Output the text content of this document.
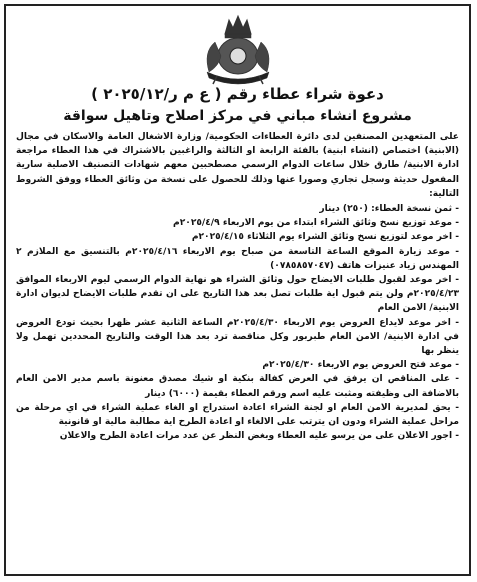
دعوة شراء عطاء رقم ( ع م ر/٢٠٢٥/١٢ )
مشروع انشاء مباني في مركز اصلاح وتاهيل سواقة

على المتعهدين المصنفين لدى دائرة العطاءات الحكومية/ وزارة الاشغال العامة والاسكان في مجال (الابنية) اختصاص (انشاء ابنية) بالفئة الرابعة او الثالثة والراغبين بالاشتراك في هذا العطاء مراجعة ادارة الابنية/ طارق خلال ساعات الدوام الرسمي مصطحبين معهم شهادات التصنيف الاصلية سارية المفعول حديثة وسجل تجاري وصورا عنها وذلك للحصول على نسخة من وثائق العطاء ووفق الشروط التالية:

- ثمن نسخة العطاء: (٢٥٠) دينار
- موعد توزيع نسخ وثائق الشراء ابتداء من يوم الاربعاء ٢٠٢٥/٤/٩م
- اخر موعد لتوزيع نسخ وثائق الشراء يوم الثلاثاء ٢٠٢٥/٤/١٥م
- موعد زيارة الموقع الساعة التاسعة من صباح يوم الاربعاء ٢٠٢٥/٤/١٦م بالتنسيق مع الملازم ٢ المهندس زياد عنيزات هاتف (٠٧٨٥٨٥٧٠٤٧)
- اخر موعد لقبول طلبات الايضاح حول وثائق الشراء هو نهاية الدوام الرسمي ليوم الاربعاء الموافق ٢٠٢٥/٤/٢٣م ولن يتم قبول اية طلبات تصل بعد هذا التاريخ على ان تقدم طلبات الايضاح لديوان ادارة الابنية/ الامن العام
- اخر موعد لايداع العروض يوم الاربعاء ٢٠٢٥/٤/٣٠م الساعة الثانية عشر ظهرا بحيث تودع العروض في ادارة الابنية/ الامن العام طبربور وكل مناقصة ترد بعد هذا الوقت والتاريخ المحددين تهمل ولا ينظر بها
- موعد فتح العروض يوم الاربعاء ٢٠٢٥/٤/٣٠م
- على المناقص ان يرفق في العرض كفالة بنكية او شيك مصدق معنونة باسم مدير الامن العام بالاضافة الى وظيفته ومثبت عليه اسم ورقم العطاء بقيمة (٦٠٠٠) دينار
- يحق لمديرية الامن العام او لجنة الشراء اعادة استدراج او الغاء عملية الشراء في اي مرحلة من مراحل عملية الشراء ودون ان يترتب على الالغاء او اعادة الطرح اية مطالبة مالية او قانونية
- اجور الاعلان على من يرسو عليه العطاء وبغض النظر عن عدد مرات اعادة الطرح والاعلان
